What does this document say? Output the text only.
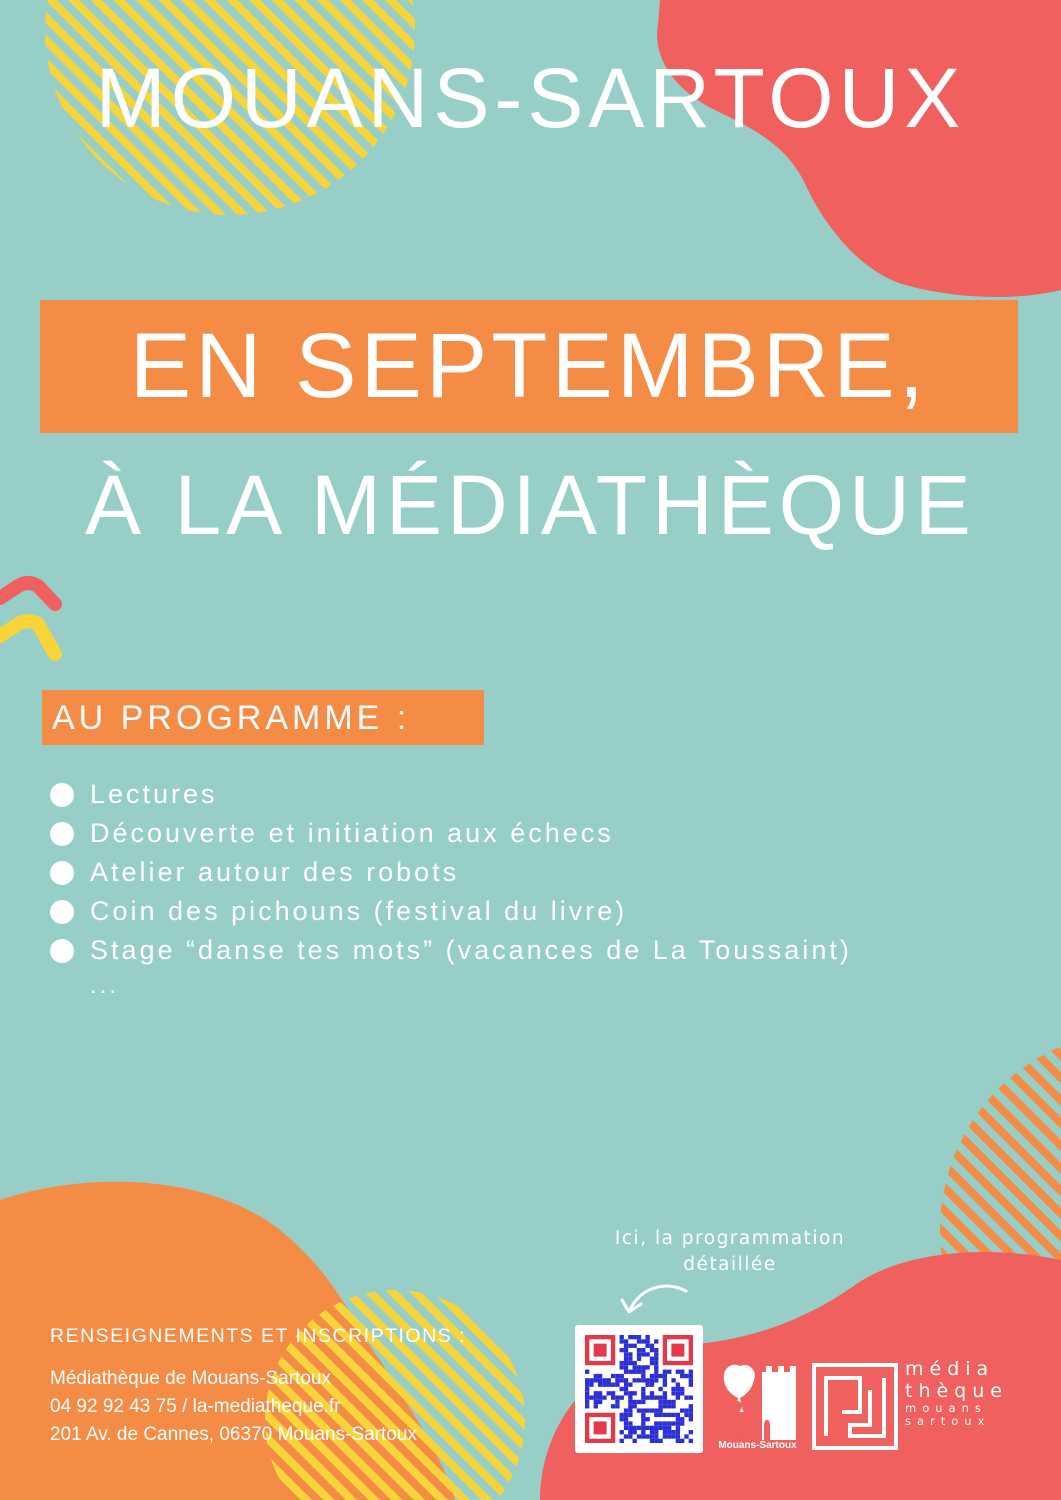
MOUANS-SARTOUX
EN SEPTEMBRE,
À LA MÉDIATHÈQUE
AU PROGRAMME :
Lectures
Découverte et initiation aux échecs
Atelier autour des robots
Coin des pichouns (festival du livre)
Stage “danse tes mots” (vacances de La Toussaint)
...
Ici, la programmation
détaillée
RENSEIGNEMENTS ET INSCRIPTIONS :
Médiathèque de Mouans-Sartoux
04 92 92 43 75 / la-mediatheque.fr
201 Av. de Cannes, 06370 Mouans-Sartoux
Mouans-Sartoux
média
thèque
mouans
sartoux
